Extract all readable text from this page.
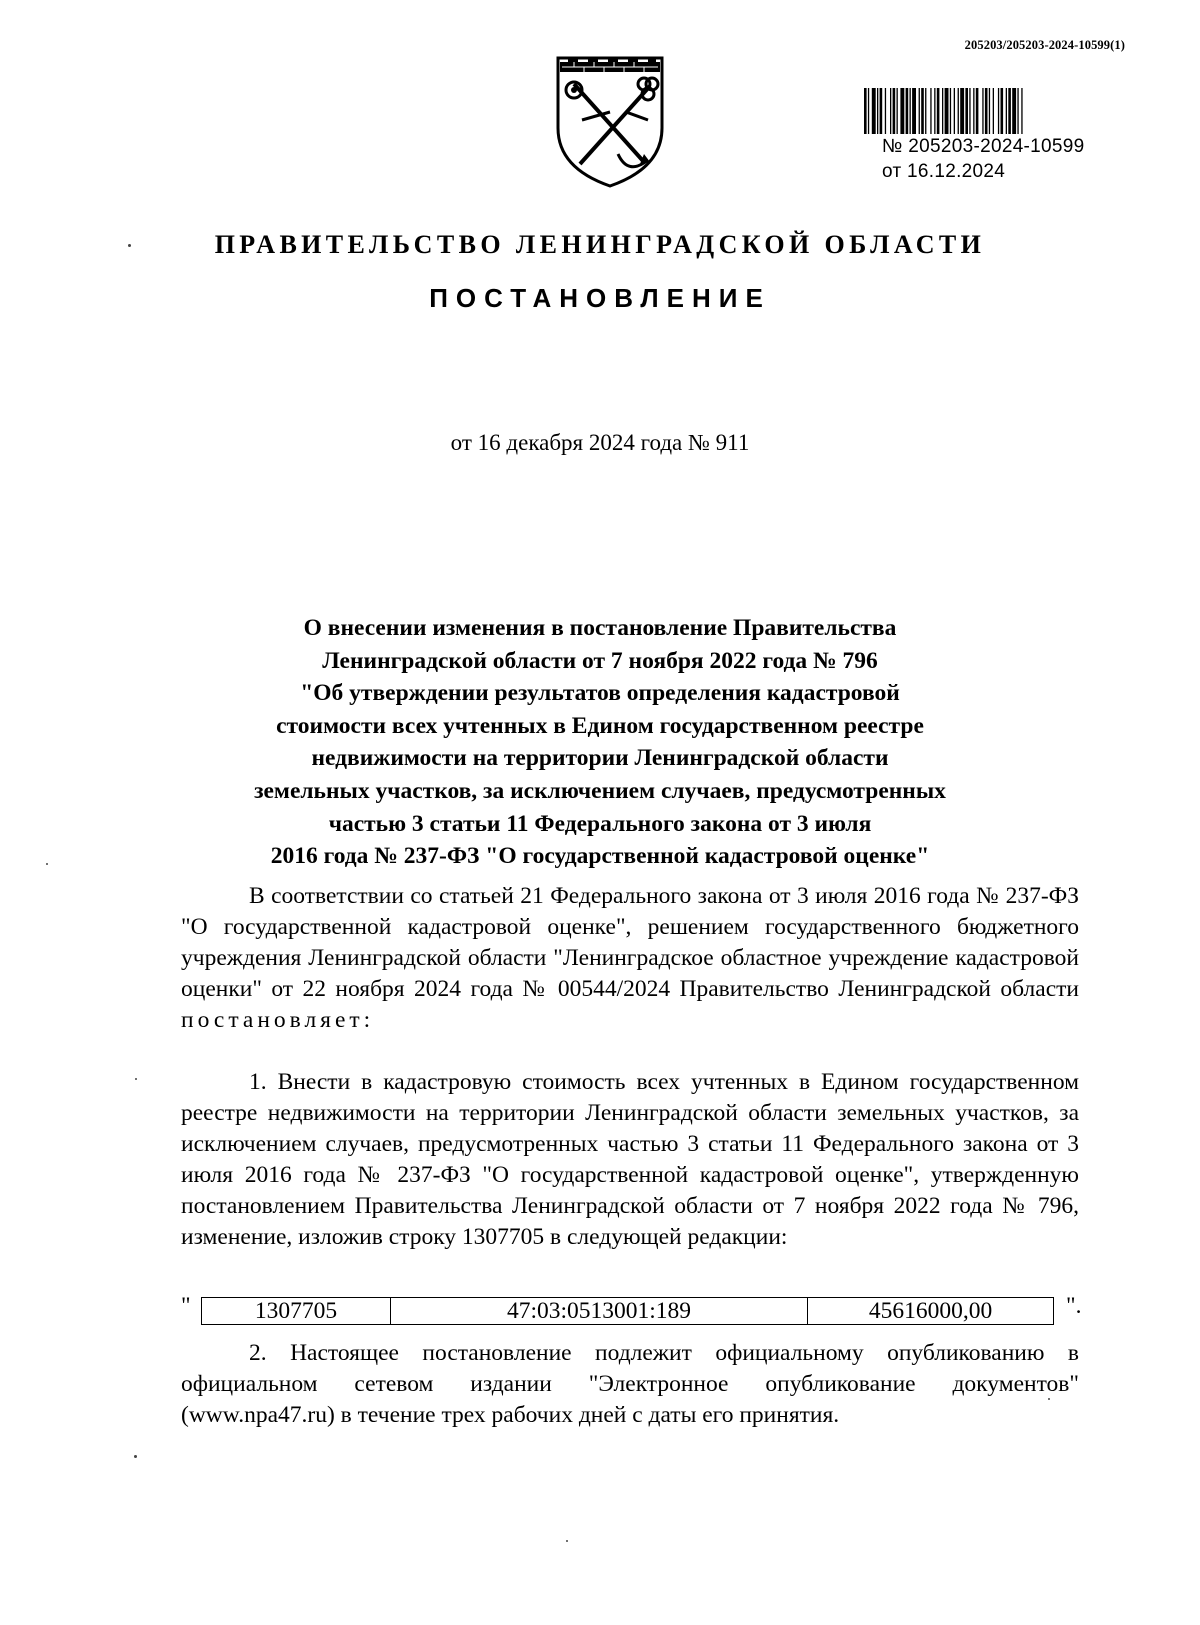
205203/205203-2024-10599(1)
№ 205203-2024-10599
от 16.12.2024
ПРАВИТЕЛЬСТВО ЛЕНИНГРАДСКОЙ ОБЛАСТИ
ПОСТАНОВЛЕНИЕ
от 16 декабря 2024 года № 911
О внесении изменения в постановление Правительства
Ленинградской области от 7 ноября 2022 года № 796
"Об утверждении результатов определения кадастровой
стоимости всех учтенных в Едином государственном реестре
недвижимости на территории Ленинградской области
земельных участков, за исключением случаев, предусмотренных
частью 3 статьи 11 Федерального закона от 3 июля
2016 года № 237-ФЗ "О государственной кадастровой оценке"
В соответствии со статьей 21 Федерального закона от 3 июля 2016 года № 237-ФЗ "О государственной кадастровой оценке", решением государственного бюджетного учреждения Ленинградской области "Ленинградское областное учреждение кадастровой оценки" от 22 ноября 2024 года № 00544/2024 Правительство Ленинградской области постановляет:
1. Внести в кадастровую стоимость всех учтенных в Едином государственном реестре недвижимости на территории Ленинградской области земельных участков, за исключением случаев, предусмотренных частью 3 статьи 11 Федерального закона от 3 июля 2016 года № 237-ФЗ "О государственной кадастровой оценке", утвержденную постановлением Правительства Ленинградской области от 7 ноября 2022 года № 796, изменение, изложив строку 1307705 в следующей редакции:
"	1307705	47:03:0513001:189	45616000,00	".
2. Настоящее постановление подлежит официальному опубликованию в официальном сетевом издании "Электронное опубликование документов" (www.npa47.ru) в течение трех рабочих дней с даты его принятия.
